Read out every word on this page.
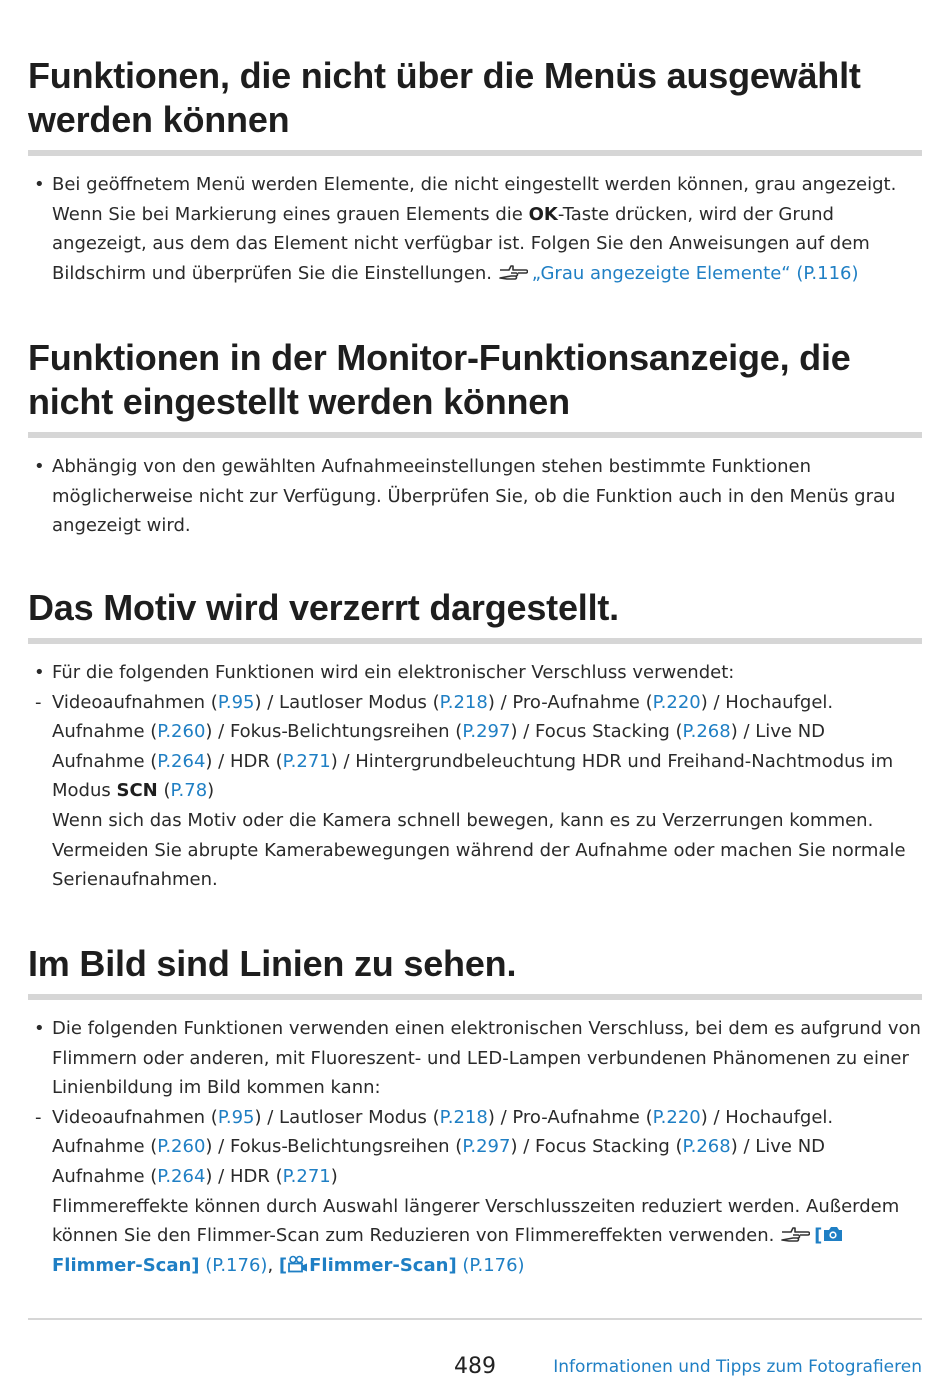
Funktionen, die nicht über die Menüs ausgewählt werden können
• Bei geöffnetem Menü werden Elemente, die nicht eingestellt werden können, grau angezeigt. Wenn Sie bei Markierung eines grauen Elements die OK-Taste drücken, wird der Grund angezeigt, aus dem das Element nicht verfügbar ist. Folgen Sie den Anweisungen auf dem Bildschirm und überprüfen Sie die Einstellungen. „Grau angezeigte Elemente“ (P.116)
Funktionen in der Monitor-Funktionsanzeige, die nicht eingestellt werden können
• Abhängig von den gewählten Aufnahmeeinstellungen stehen bestimmte Funktionen möglicherweise nicht zur Verfügung. Überprüfen Sie, ob die Funktion auch in den Menüs grau angezeigt wird.
Das Motiv wird verzerrt dargestellt.
• Für die folgenden Funktionen wird ein elektronischer Verschluss verwendet:
- Videoaufnahmen (P.95) / Lautloser Modus (P.218) / Pro-Aufnahme (P.220) / Hochaufgel. Aufnahme (P.260) / Fokus-Belichtungsreihen (P.297) / Focus Stacking (P.268) / Live ND Aufnahme (P.264) / HDR (P.271) / Hintergrundbeleuchtung HDR und Freihand-Nachtmodus im Modus SCN (P.78)
Wenn sich das Motiv oder die Kamera schnell bewegen, kann es zu Verzerrungen kommen. Vermeiden Sie abrupte Kamerabewegungen während der Aufnahme oder machen Sie normale Serienaufnahmen.
Im Bild sind Linien zu sehen.
• Die folgenden Funktionen verwenden einen elektronischen Verschluss, bei dem es aufgrund von Flimmern oder anderen, mit Fluoreszent- und LED-Lampen verbundenen Phänomenen zu einer Linienbildung im Bild kommen kann:
- Videoaufnahmen (P.95) / Lautloser Modus (P.218) / Pro-Aufnahme (P.220) / Hochaufgel. Aufnahme (P.260) / Fokus-Belichtungsreihen (P.297) / Focus Stacking (P.268) / Live ND Aufnahme (P.264) / HDR (P.271)
Flimmereffekte können durch Auswahl längerer Verschlusszeiten reduziert werden. Außerdem können Sie den Flimmer-Scan zum Reduzieren von Flimmereffekten verwenden. [Flimmer-Scan] (P.176), [ Flimmer-Scan] (P.176)
489	Informationen und Tipps zum Fotografieren
